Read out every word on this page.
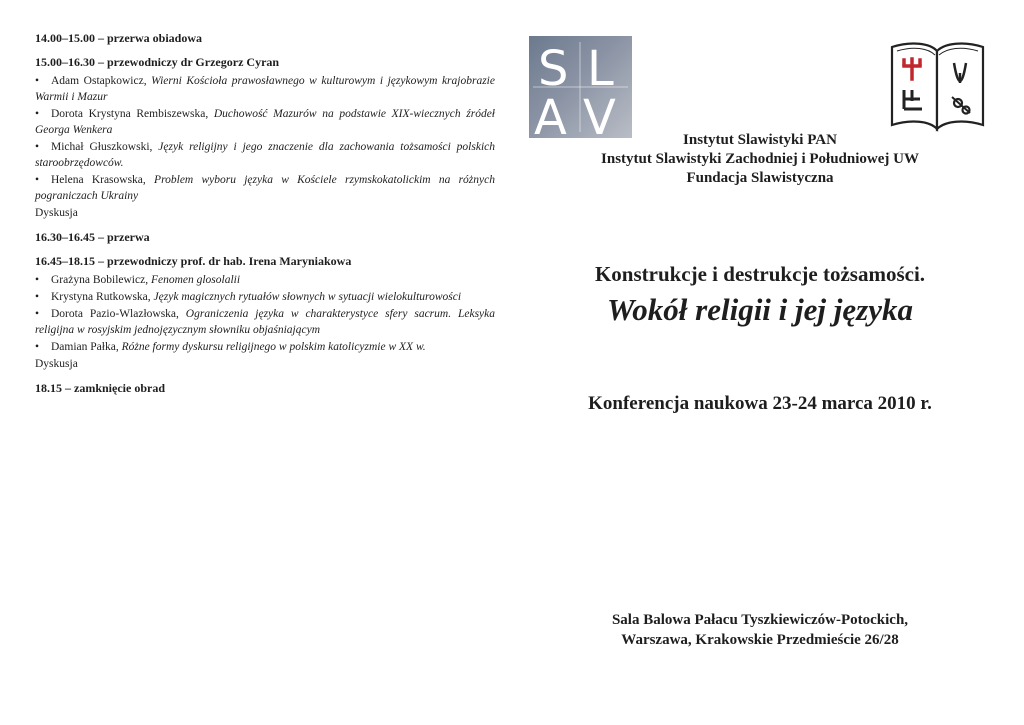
14.00–15.00 – przerwa obiadowa
15.00–16.30 – przewodniczy dr Grzegorz Cyran
• Adam Ostapkowicz, Wierni Kościoła prawosławnego w kulturowym i językowym krajobrazie Warmii i Mazur
• Dorota Krystyna Rembiszewska, Duchowość Mazurów na podstawie XIX-wiecznych źródeł Georga Wenkera
• Michał Głuszkowski, Język religijny i jego znaczenie dla zachowania tożsamości polskich staroobrzędowców.
• Helena Krasowska, Problem wyboru języka w Kościele rzymskokatolickim na różnych pograniczach Ukrainy
Dyskusja
16.30–16.45 – przerwa
16.45–18.15 – przewodniczy prof. dr hab. Irena Maryniakowa
• Grażyna Bobilewicz, Fenomen glosolalii
• Krystyna Rutkowska, Język magicznych rytuałów słownych w sytuacji wielokulturowości
• Dorota Pazio-Wlazłowska, Ograniczenia języka w charakterystyce sfery sacrum. Leksyka religijna w rosyjskim jednojęzycznym słowniku objaśniającym
• Damian Pałka, Różne formy dyskursu religijnego w polskim katolicyzmie w XX w.
Dyskusja
18.15 – zamknięcie obrad
S L
A V	Instytut Slawistyki PAN
Instytut Slawistyki Zachodniej i Południowej UW
Fundacja Slawistyczna
Konstrukcje i destrukcje tożsamości.
Wokół religii i jej języka
Konferencja naukowa 23-24 marca 2010 r.
Sala Balowa Pałacu Tyszkiewiczów-Potockich,
Warszawa, Krakowskie Przedmieście 26/28
